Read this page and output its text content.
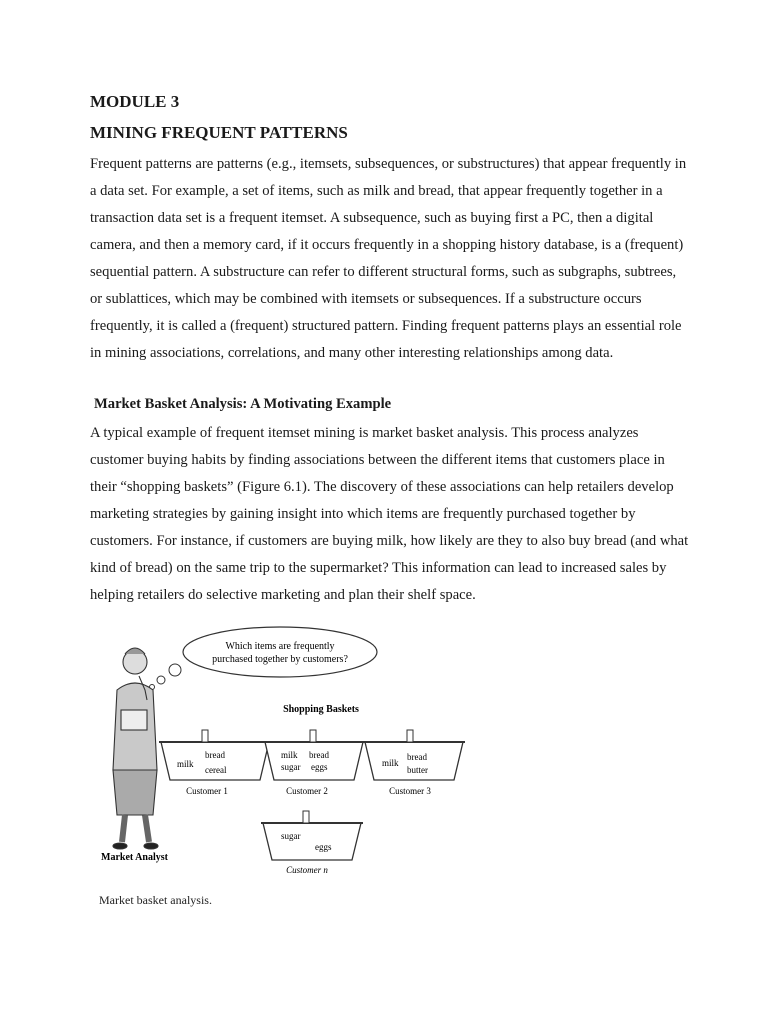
MODULE 3
MINING FREQUENT PATTERNS

Frequent patterns are patterns (e.g., itemsets, subsequences, or substructures) that appear frequently in a data set. For example, a set of items, such as milk and bread, that appear frequently together in a transaction data set is a frequent itemset. A subsequence, such as buying first a PC, then a digital camera, and then a memory card, if it occurs frequently in a shopping history database, is a (frequent) sequential pattern. A substructure can refer to different structural forms, such as subgraphs, subtrees, or sublattices, which may be combined with itemsets or subsequences. If a substructure occurs frequently, it is called a (frequent) structured pattern. Finding frequent patterns plays an essential role in mining associations, correlations, and many other interesting relationships among data.

Market Basket Analysis: A Motivating Example

A typical example of frequent itemset mining is market basket analysis. This process analyzes customer buying habits by finding associations between the different items that customers place in their “shopping baskets” (Figure 6.1). The discovery of these associations can help retailers develop marketing strategies by gaining insight into which items are frequently purchased together by customers. For instance, if customers are buying milk, how likely are they to also buy bread (and what kind of bread) on the same trip to the supermarket? This information can lead to increased sales by helping retailers do selective marketing and plan their shelf space.

Which items are frequently
purchased together by customers?
Market Analyst
Shopping Baskets
bread
milk
cereal
Customer 1
milk bread
sugar eggs
Customer 2
bread
milk
butter
Customer 3
sugar
eggs
Customer n

Market basket analysis.
